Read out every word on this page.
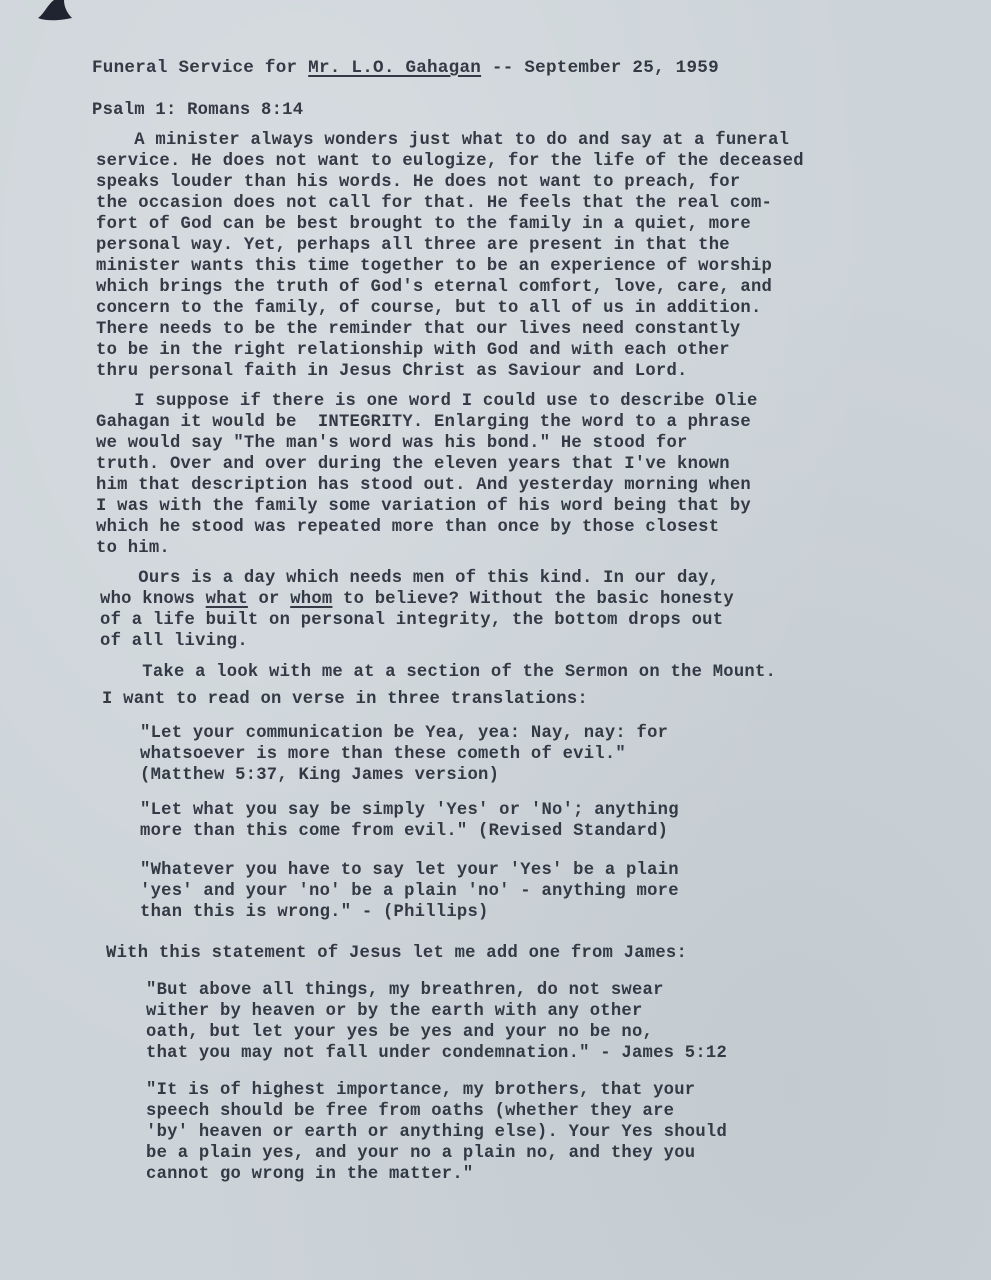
Funeral Service for Mr. L.O. Gahagan -- September 25, 1959
Psalm 1: Romans 8:14
A minister always wonders just what to do and say at a funeral
service. He does not want to eulogize, for the life of the deceased
speaks louder than his words. He does not want to preach, for
the occasion does not call for that. He feels that the real com-
fort of God can be best brought to the family in a quiet, more
personal way. Yet, perhaps all three are present in that the
minister wants this time together to be an experience of worship
which brings the truth of God's eternal comfort, love, care, and
concern to the family, of course, but to all of us in addition.
There needs to be the reminder that our lives need constantly
to be in the right relationship with God and with each other
thru personal faith in Jesus Christ as Saviour and Lord.
I suppose if there is one word I could use to describe Olie
Gahagan it would be  INTEGRITY. Enlarging the word to a phrase
we would say "The man's word was his bond." He stood for
truth. Over and over during the eleven years that I've known
him that description has stood out. And yesterday morning when
I was with the family some variation of his word being that by
which he stood was repeated more than once by those closest
to him.
Ours is a day which needs men of this kind. In our day,
who knows what or whom to believe? Without the basic honesty
of a life built on personal integrity, the bottom drops out
of all living.
Take a look with me at a section of the Sermon on the Mount.
I want to read on verse in three translations:
"Let your communication be Yea, yea: Nay, nay: for
whatsoever is more than these cometh of evil."
(Matthew 5:37, King James version)
"Let what you say be simply 'Yes' or 'No'; anything
more than this come from evil." (Revised Standard)
"Whatever you have to say let your 'Yes' be a plain
'yes' and your 'no' be a plain 'no' - anything more
than this is wrong." - (Phillips)
With this statement of Jesus let me add one from James:
"But above all things, my breathren, do not swear
wither by heaven or by the earth with any other
oath, but let your yes be yes and your no be no,
that you may not fall under condemnation." - James 5:12
"It is of highest importance, my brothers, that your
speech should be free from oaths (whether they are
'by' heaven or earth or anything else). Your Yes should
be a plain yes, and your no a plain no, and they you
cannot go wrong in the matter."
